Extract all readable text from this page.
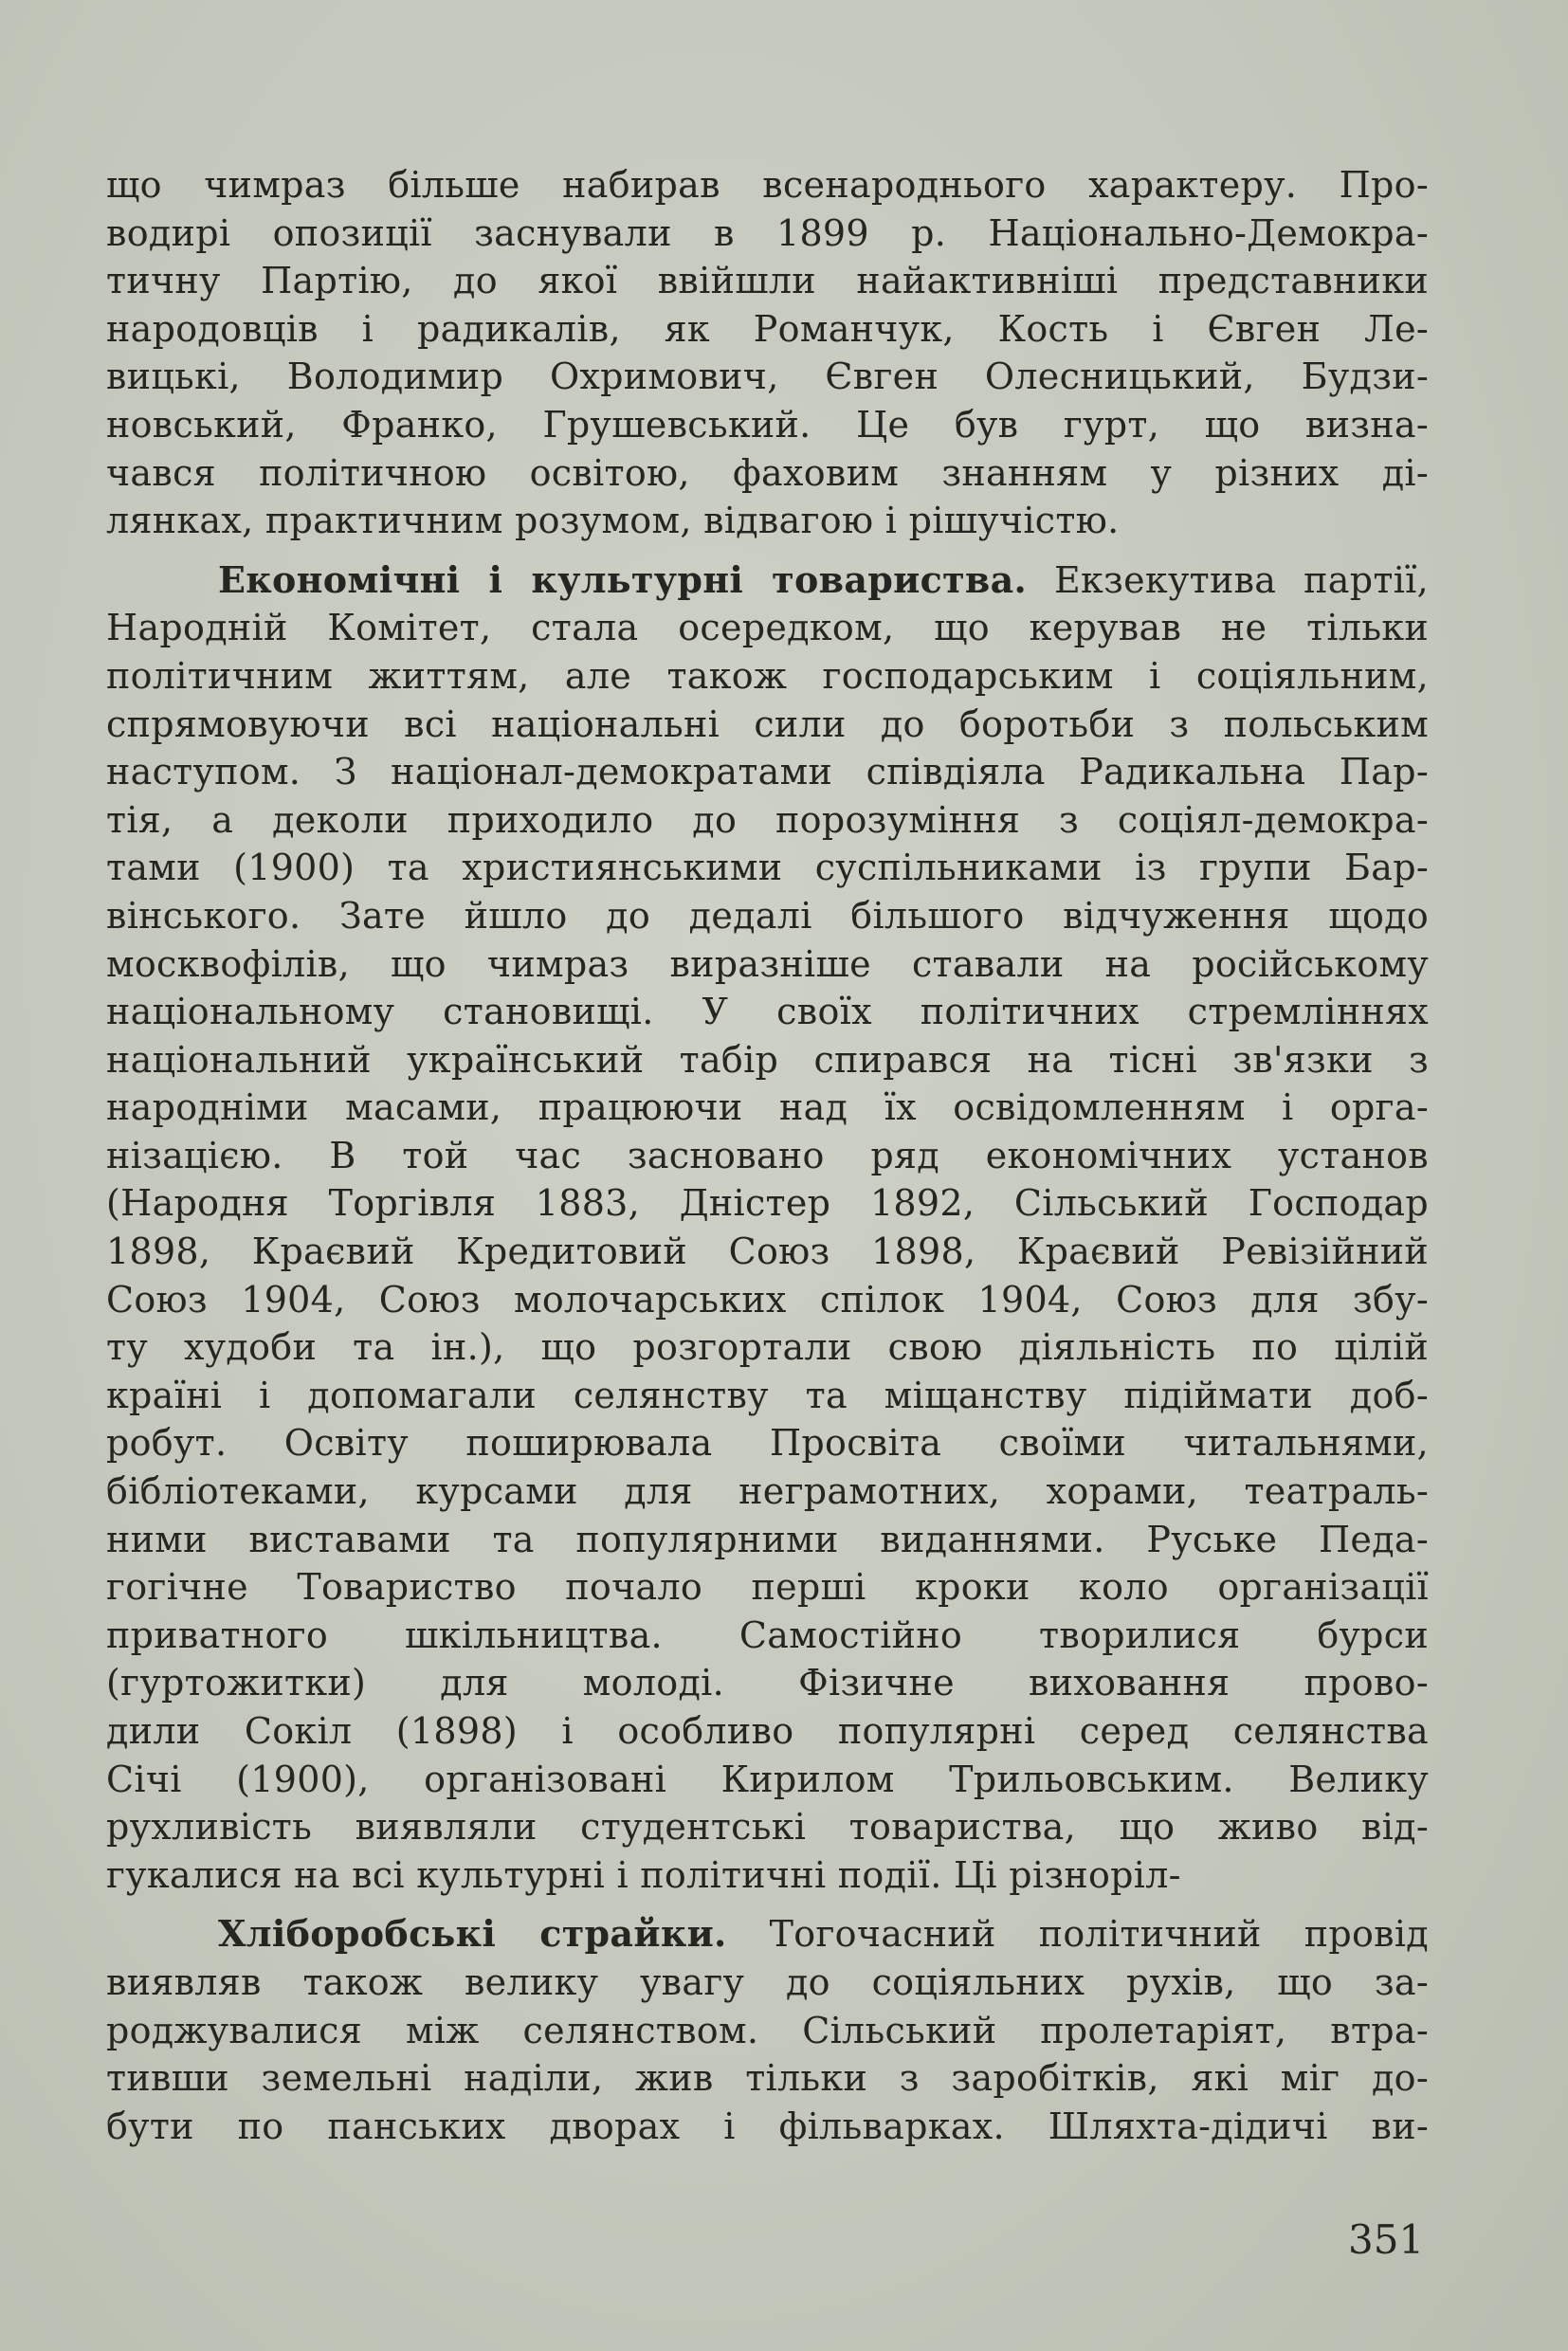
що чимраз більше набирав всенароднього характеру. Про-
водирі опозиції заснували в 1899 р. Національно-Демокра-
тичну Партію, до якої ввійшли найактивніші представники
народовців і радикалів, як Романчук, Кость і Євген Ле-
вицькі, Володимир Охримович, Євген Олесницький, Будзи-
новський, Франко, Грушевський. Це був гурт, що визна-
чався політичною освітою, фаховим знанням у різних ді-
лянках, практичним розумом, відвагою і рішучістю.
Економічні і культурні товариства. Екзекутива партії,
Народній Комітет, стала осередком, що керував не тільки
політичним життям, але також господарським і соціяльним,
спрямовуючи всі національні сили до боротьби з польським
наступом. З націонал-демократами співдіяла Радикальна Пар-
тія, а деколи приходило до порозуміння з соціял-демокра-
тами (1900) та християнськими суспільниками із групи Бар-
вінського. Зате йшло до дедалі більшого відчуження щодо
москвофілів, що чимраз виразніше ставали на російському
національному становищі. У своїх політичних стремліннях
національний український табір спирався на тісні зв'язки з
народніми масами, працюючи над їх освідомленням і орга-
нізацією. В той час засновано ряд економічних установ
(Народня Торгівля 1883, Дністер 1892, Сільський Господар
1898, Краєвий Кредитовий Союз 1898, Краєвий Ревізійний
Союз 1904, Союз молочарських спілок 1904, Союз для збу-
ту худоби та ін.), що розгортали свою діяльність по цілій
країні і допомагали селянству та міщанству підіймати доб-
робут. Освіту поширювала Просвіта своїми читальнями,
бібліотеками, курсами для неграмотних, хорами, театраль-
ними виставами та популярними виданнями. Руське Педа-
гогічне Товариство почало перші кроки коло організації
приватного шкільництва. Самостійно творилися бурси
(гуртожитки) для молоді. Фізичне виховання прово-
дили Сокіл (1898) і особливо популярні серед селянства
Січі (1900), організовані Кирилом Трильовським. Велику
рухливість виявляли студентські товариства, що живо від-
гукалися на всі культурні і політичні події. Ці різноріл-
Хліборобські страйки. Тогочасний політичний провід
виявляв також велику увагу до соціяльних рухів, що за-
роджувалися між селянством. Сільський пролетаріят, втра-
тивши земельні наділи, жив тільки з заробітків, які міг до-
бути по панських дворах і фільварках. Шляхта-дідичі ви-
351
